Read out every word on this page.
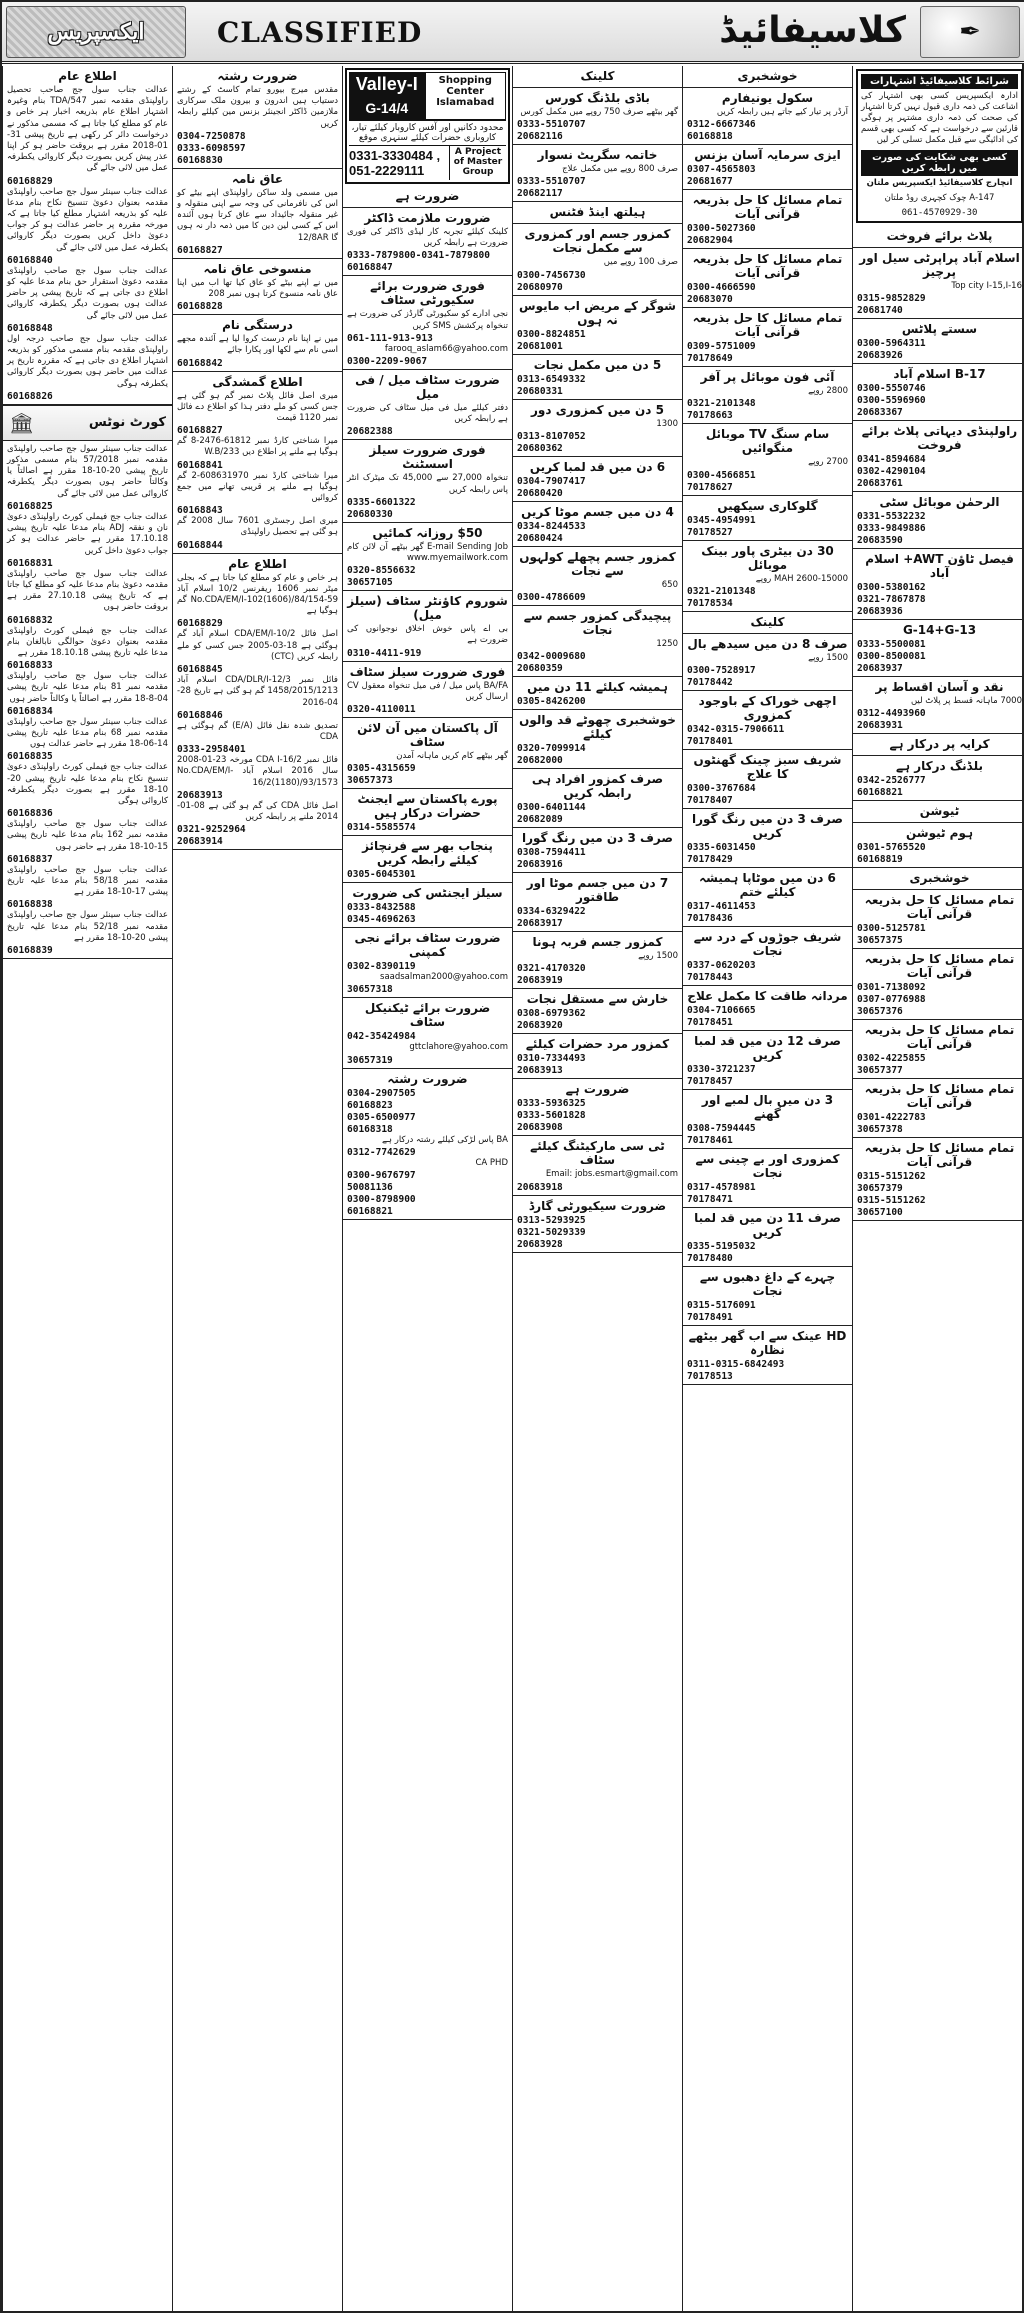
ایکسپریس	CLASSIFIED	کلاسیفائیڈ	✒
اطلاع عام
عدالت جناب سول جج صاحب تحصیل راولپنڈی مقدمہ نمبر 547/TDA بنام وغیرہ اشتہار اطلاع عام بذریعہ اخبار ہر خاص و عام کو مطلع کیا جاتا ہے کہ مسمی مذکور نے درخواست دائر کر رکھی ہے تاریخ پیشی 31-01-2018 مقرر ہے بروقت حاضر ہو کر اپنا عذر پیش کریں بصورت دیگر کاروائی یکطرفہ عمل میں لائی جائے گی
60168829
عدالت جناب سینئر سول جج صاحب راولپنڈی مقدمہ بعنوان دعویٰ تنسیخ نکاح بنام مدعا علیہ کو بذریعہ اشتہار مطلع کیا جاتا ہے کہ مورخہ مقررہ پر حاضر عدالت ہو کر جواب دعویٰ داخل کریں بصورت دیگر کاروائی یکطرفہ عمل میں لائی جائے گی
60168840
عدالت جناب سول جج صاحب راولپنڈی مقدمہ دعویٰ استقرار حق بنام مدعا علیہ کو اطلاع دی جاتی ہے کہ تاریخ پیشی پر حاضر عدالت ہوں بصورت دیگر یکطرفہ کاروائی عمل میں لائی جائے گی
60168848
عدالت جناب سول جج صاحب درجہ اول راولپنڈی مقدمہ بنام مسمی مذکور کو بذریعہ اشتہار اطلاع دی جاتی ہے کہ مقررہ تاریخ پر عدالت میں حاضر ہوں بصورت دیگر کاروائی یکطرفہ ہوگی
60168826
کورٹ نوٹس
🏛
عدالت جناب سینئر سول جج صاحب راولپنڈی مقدمہ نمبر 57/2018 بنام مسمی مذکور تاریخ پیشی 20-10-18 مقرر ہے اصالتاً یا وکالتاً حاضر ہوں بصورت دیگر یکطرفہ کاروائی عمل میں لائی جائے گی
60168825
عدالت جناب جج فیملی کورٹ راولپنڈی دعویٰ نان و نفقہ ADJ بنام مدعا علیہ تاریخ پیشی 17.10.18 مقرر ہے حاضر عدالت ہو کر جواب دعویٰ داخل کریں
60168831
عدالت جناب سول جج صاحب راولپنڈی مقدمہ دعویٰ بنام مدعا علیہ کو مطلع کیا جاتا ہے کہ تاریخ پیشی 27.10.18 مقرر ہے بروقت حاضر ہوں
60168832
عدالت جناب جج فیملی کورٹ راولپنڈی مقدمہ بعنوان دعویٰ حوالگی نابالغان بنام مدعا علیہ تاریخ پیشی 18.10.18 مقرر ہے
60168833
عدالت جناب سول جج صاحب راولپنڈی مقدمہ نمبر 81 بنام مدعا علیہ تاریخ پیشی 04-8-18 مقرر ہے اصالتاً یا وکالتاً حاضر ہوں
60168834
عدالت جناب سینئر سول جج صاحب راولپنڈی مقدمہ نمبر 68 بنام مدعا علیہ تاریخ پیشی 14-06-18 مقرر ہے حاضر عدالت ہوں
60168835
عدالت جناب جج فیملی کورٹ راولپنڈی دعویٰ تنسیخ نکاح بنام مدعا علیہ تاریخ پیشی 20-10-18 مقرر ہے بصورت دیگر یکطرفہ کاروائی ہوگی
60168836
عدالت جناب سول جج صاحب راولپنڈی مقدمہ نمبر 162 بنام مدعا علیہ تاریخ پیشی 15-10-18 مقرر ہے حاضر ہوں
60168837
عدالت جناب سول جج صاحب راولپنڈی مقدمہ نمبر 58/18 بنام مدعا علیہ تاریخ پیشی 17-10-18 مقرر ہے
60168838
عدالت جناب سینئر سول جج صاحب راولپنڈی مقدمہ نمبر 52/18 بنام مدعا علیہ تاریخ پیشی 20-10-18 مقرر ہے
60168839
ضرورت رشتہ
مقدس میرج بیورو تمام کاسٹ کے رشتے دستیاب ہیں اندرون و بیرون ملک سرکاری ملازمین ڈاکٹر انجینئر بزنس مین کیلئے رابطہ کریں
0304-7250878
0333-6098597
60168830
عاق نامہ
میں مسمی ولد ساکن راولپنڈی اپنے بیٹے کو اس کی نافرمانی کی وجہ سے اپنی منقولہ و غیر منقولہ جائیداد سے عاق کرتا ہوں آئندہ اس کے کسی لین دین کا میں ذمہ دار نہ ہوں گا 12/8AR
60168827
منسوخی عاق نامہ
میں نے اپنے بیٹے کو عاق کیا تھا اب میں اپنا عاق نامہ منسوخ کرتا ہوں نمبر 208
60168828
درستگی نام
میں نے اپنا نام درست کروا لیا ہے آئندہ مجھے اسی نام سے لکھا اور پکارا جائے
60168842
اطلاع گمشدگی
میری اصل فائل پلاٹ نمبر گم ہو گئی ہے جس کسی کو ملے دفتر ہذا کو اطلاع دے فائل نمبر 1120 قیمت
60168827
میرا شناختی کارڈ نمبر 61812-2476-8 گم ہوگیا ہے ملنے پر اطلاع دیں 233/W.B
60168841
میرا شناختی کارڈ نمبر 608631970-2 گم ہوگیا ہے ملنے پر قریبی تھانے میں جمع کروائیں
60168843
میری اصل رجسٹری 7601 سال 2008 گم ہو گئی ہے تحصیل راولپنڈی
60168844
اطلاع عام
ہر خاص و عام کو مطلع کیا جاتا ہے کہ بجلی میٹر نمبر 1606 ریفرنس 10/2 اسلام آباد No.CDA/EM/I-102(1606)/84/154-59 گم ہوگیا ہے
60168829
اصل فائل CDA/EM/I-10/2 اسلام آباد گم ہوگئی ہے 18-03-2005 جس کسی کو ملے رابطہ کریں (CTC)
60168845
فائل نمبر CDA/DLR/I-12/3 اسلام آباد 1458/2015/1213 گم ہو گئی ہے تاریخ 28-04-2016
60168846
تصدیق شدہ نقل فائل (E/A) گم ہوگئی ہے CDA
0333-2958401
فائل نمبر CDA I-16/2 مورخہ 23-01-2008 سال 2016 اسلام آباد No.CDA/EM/I-16/2(1180)/93/1573
20683913
اصل فائل CDA کی گم ہو گئی ہے 08-01-2014 ملنے پر رابطہ کریں
0321-9252964
20683914
Valley-I
G-14/4
Shopping Center
Islamabad
محدود دکانیں اور آفس کاروبار کیلئے تیار، کاروباری حضرات کیلئے سنہری موقع
0331-3330484 , 051-2229111
A Project of Master Group
ضرورت ہے
ضرورت ملازمت ڈاکٹر
کلینک کیلئے تجربہ کار لیڈی ڈاکٹر کی فوری ضرورت ہے رابطہ کریں
0333-7879800-0341-7879800
60168847
فوری ضرورت برائے سکیورٹی سٹاف
نجی ادارے کو سکیورٹی گارڈز کی ضرورت ہے تنخواہ پرکشش SMS کریں
061-111-913-913
farooq_aslam66@yahoo.com
0300-2209-9067
ضرورت سٹاف میل / فی میل
دفتر کیلئے میل فی میل سٹاف کی ضرورت ہے رابطہ کریں
20682388
فوری ضرورت سیلز اسسٹنٹ
تنخواہ 27,000 سے 45,000 تک میٹرک انٹر پاس رابطہ کریں
0335-6601322
20680330
$50 روزانہ کمائیں
E-mail Sending Job گھر بیٹھے آن لائن کام www.myemailwork.com
0320-8556632
30657105
شوروم کاؤنٹر سٹاف (سیلز میل)
بی اے پاس خوش اخلاق نوجوانوں کی ضرورت ہے
0310-4411-919
فوری ضرورت سیلز سٹاف
BA/FA پاس میل / فی میل تنخواہ معقول CV ارسال کریں
0320-4110011
آل پاکستان میں آن لائن سٹاف
گھر بیٹھے کام کریں ماہانہ آمدن
0305-4315659
30657373
پورے پاکستان سے ایجنٹ حضرات درکار ہیں
0314-5585574
پنجاب بھر سے فرنچائز کیلئے رابطہ کریں
0305-6045301
سیلز ایجنٹس کی ضرورت
0333-8432588
0345-4696263
ضرورت سٹاف برائے نجی کمپنی
0302-8390119
saadsalman2000@yahoo.com
30657318
ضرورت برائے ٹیکنیکل سٹاف
042-35424984
gttclahore@yahoo.com
30657319
ضرورت رشتہ
0304-2907505
60168823
0305-6500977
60168318
BA پاس لڑکی کیلئے رشتہ درکار ہے
0312-7742629
CA PHD
0300-9676797
50081136
0300-8798900
60168821
کلینک
باڈی بلڈنگ کورس
گھر بیٹھے صرف 750 روپے میں مکمل کورس
0333-5510707
20682116
خاتمہ سگریٹ نسوار
صرف 800 روپے میں مکمل علاج
0333-5510707
20682117
ہیلتھ اینڈ فٹنس
کمزور جسم اور کمزوری سے مکمل نجات
صرف 100 روپے میں
0300-7456730
20680970
شوگر کے مریض اب مایوس نہ ہوں
0300-8824851
20681001
5 دن میں مکمل نجات
0313-6549332
20680331
5 دن میں کمزوری دور
1300
0313-8107052
20680362
6 دن میں قد لمبا کریں
0304-7907417
20680420
4 دن میں جسم موٹا کریں
0334-8244533
20680424
کمزور جسم پچھلے کولہوں سے نجات
650
0300-4786609
پیچیدگی کمزور جسم سے نجات
1250
0342-0009680
20680359
ہمیشہ کیلئے 11 دن میں
0305-8426200
خوشخبری چھوٹے قد والوں کیلئے
0320-7099914
20682000
صرف کمزور افراد ہی رابطہ کریں
0300-6401144
20682089
صرف 3 دن میں رنگ گورا
0308-7594411
20683916
7 دن میں جسم موٹا اور طاقتور
0334-6329422
20683917
کمزور جسم فربہ ہونا
1500 روپے
0321-4170320
20683919
خارش سے مستقل نجات
0308-6979362
20683920
کمزور مرد حضرات کیلئے
0310-7334493
20683913
ضرورت ہے
0333-5936325
0333-5601828
20683908
ٹی سی مارکیٹنگ کیلئے سٹاف
Email: jobs.esmart@gmail.com
20683918
ضرورت سیکیورٹی گارڈ
0313-5293925
0321-5029339
20683928
خوشخبری
سکول یونیفارم
آرڈر پر تیار کیے جاتے ہیں رابطہ کریں
0312-6667346
60168818
ایزی سرمایہ آسان بزنس
0307-4565803
20681677
تمام مسائل کا حل بذریعہ قرآنی آیات
0300-5027360
20682904
تمام مسائل کا حل بذریعہ قرآنی آیات
0300-4666590
20683070
تمام مسائل کا حل بذریعہ قرآنی آیات
0309-5751009
70178649
آئی فون موبائل پر آفر
2800 روپے
0321-2101348
70178663
سام سنگ TV موبائل منگوائیں
2700 روپے
0300-4566851
70178627
گلوکاری سیکھیں
0345-4954991
70178527
30 دن بیٹری پاور بینک موبائل
15000-MAH 2600 روپے
0321-2101348
70178534
کلینک
صرف 8 دن میں سیدھے بال
1500 روپے
0300-7528917
70178442
اچھی خوراک کے باوجود کمزوری
0342-0315-7906611
70178401
شریف سبز چینک گھنٹوں کا علاج
0300-3767684
70178407
صرف 3 دن میں رنگ گورا کریں
0335-6031450
70178429
6 دن میں موٹاپا ہمیشہ کیلئے ختم
0317-4611453
70178436
شریف جوڑوں کے درد سے نجات
0337-0620203
70178443
مردانہ طاقت کا مکمل علاج
0304-7106665
70178451
صرف 12 دن میں قد لمبا کریں
0330-3721237
70178457
3 دن میں بال لمبے اور گھنے
0308-7594445
70178461
کمزوری اور بے چینی سے نجات
0317-4578981
70178471
صرف 11 دن میں قد لمبا کریں
0335-5195032
70178480
چہرے کے داغ دھبوں سے نجات
0315-5176091
70178491
HD عینک سے اب گھر بیٹھے نظارہ
0311-0315-6842493
70178513
شرائط کلاسیفائیڈ اشتہارات
ادارہ ایکسپریس کسی بھی اشتہار کی اشاعت کی ذمہ داری قبول نہیں کرتا اشتہار کی صحت کی ذمہ داری مشتہر پر ہوگی قارئین سے درخواست ہے کہ کسی بھی قسم کی ادائیگی سے قبل مکمل تسلی کر لیں
کسی بھی شکایت کی صورت میں رابطہ کریں
انچارج کلاسیفائیڈ ایکسپریس ملتان
147-A چوک کچہری روڈ ملتان
061-4570929-30
پلاٹ برائے فروخت
اسلام آباد پراپرٹی سیل اور پرچیز
Top city I-15,I-16
0315-9852829
20681740
سستے پلاٹس
0300-5964311
20683926
B-17 اسلام آباد
0300-5550746
0300-5596960
20683367
راولپنڈی دیہاتی پلاٹ برائے فروخت
0341-8594684
0302-4290104
20683761
الرحمٰن موبائل سٹی
0331-5532232
0333-9849886
20683590
فیصل ٹاؤن AWT+ اسلام آباد
0300-5380162
0321-7867878
20683936
G-14+G-13
0333-5500081
0300-8500081
20683937
نقد و آسان اقساط پر
7000 ماہانہ قسط پر پلاٹ لیں
0312-4493960
20683931
کرایہ پر درکار ہے
بلڈنگ درکار ہے
0342-2526777
60168821
ٹیوشن
ہوم ٹیوشن
0301-5765520
60168819
خوشخبری
تمام مسائل کا حل بذریعہ قرآنی آیات
0300-5125781
30657375
تمام مسائل کا حل بذریعہ قرآنی آیات
0301-7138092
0307-0776988
30657376
تمام مسائل کا حل بذریعہ قرآنی آیات
0302-4225855
30657377
تمام مسائل کا حل بذریعہ قرآنی آیات
0301-4222783
30657378
تمام مسائل کا حل بذریعہ قرآنی آیات
0315-5151262
30657379
0315-5151262
30657100
